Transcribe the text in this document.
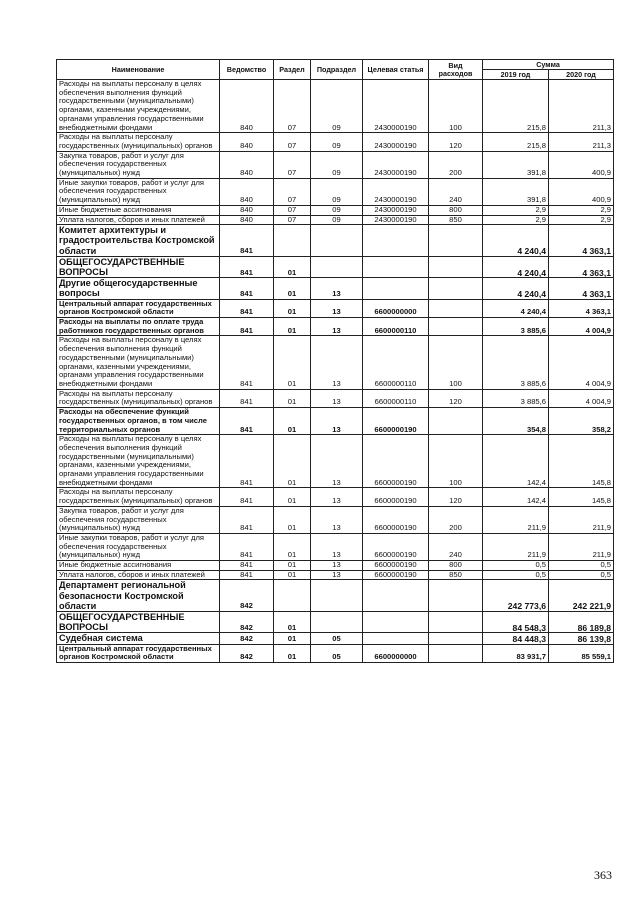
Наименование	Ведомство	Раздел	Подраздел	Целевая статья	Вид расходов	Сумма	
						2019 год	2020 год
Расходы на выплаты персоналу в целях обеспечения выполнения функций государственными (муниципальными) органами, казенными учреждениями, органами управления государственными внебюджетными фондами	840	07	09	2430000190	100	215,8	211,3
Расходы на выплаты персоналу государственных (муниципальных) органов	840	07	09	2430000190	120	215,8	211,3
Закупка товаров, работ и услуг для обеспечения государственных (муниципальных) нужд	840	07	09	2430000190	200	391,8	400,9
Иные закупки товаров, работ и услуг для обеспечения государственных (муниципальных) нужд	840	07	09	2430000190	240	391,8	400,9
Иные бюджетные ассигнования	840	07	09	2430000190	800	2,9	2,9
Уплата налогов, сборов и иных платежей	840	07	09	2430000190	850	2,9	2,9
Комитет архитектуры и градостроительства Костромской области	841					4 240,4	4 363,1
ОБЩЕГОСУДАРСТВЕННЫЕ ВОПРОСЫ	841	01				4 240,4	4 363,1
Другие общегосударственные вопросы	841	01	13			4 240,4	4 363,1
Центральный аппарат государственных органов Костромской области	841	01	13	6600000000		4 240,4	4 363,1
Расходы на выплаты по оплате труда работников государственных органов	841	01	13	6600000110		3 885,6	4 004,9
Расходы на выплаты персоналу в целях обеспечения выполнения функций государственными (муниципальными) органами, казенными учреждениями, органами управления государственными внебюджетными фондами	841	01	13	6600000110	100	3 885,6	4 004,9
Расходы на выплаты персоналу государственных (муниципальных) органов	841	01	13	6600000110	120	3 885,6	4 004,9
Расходы на обеспечение функций государственных органов, в том числе территориальных органов	841	01	13	6600000190		354,8	358,2
Расходы на выплаты персоналу в целях обеспечения выполнения функций государственными (муниципальными) органами, казенными учреждениями, органами управления государственными внебюджетными фондами	841	01	13	6600000190	100	142,4	145,8
Расходы на выплаты персоналу государственных (муниципальных) органов	841	01	13	6600000190	120	142,4	145,8
Закупка товаров, работ и услуг для обеспечения государственных (муниципальных) нужд	841	01	13	6600000190	200	211,9	211,9
Иные закупки товаров, работ и услуг для обеспечения государственных (муниципальных) нужд	841	01	13	6600000190	240	211,9	211,9
Иные бюджетные ассигнования	841	01	13	6600000190	800	0,5	0,5
Уплата налогов, сборов и иных платежей	841	01	13	6600000190	850	0,5	0,5
Департамент региональной безопасности Костромской области	842					242 773,6	242 221,9
ОБЩЕГОСУДАРСТВЕННЫЕ ВОПРОСЫ	842	01				84 548,3	86 189,8
Судебная система	842	01	05			84 448,3	86 139,8
Центральный аппарат государственных органов Костромской области	842	01	05	6600000000		83 931,7	85 559,1
363
